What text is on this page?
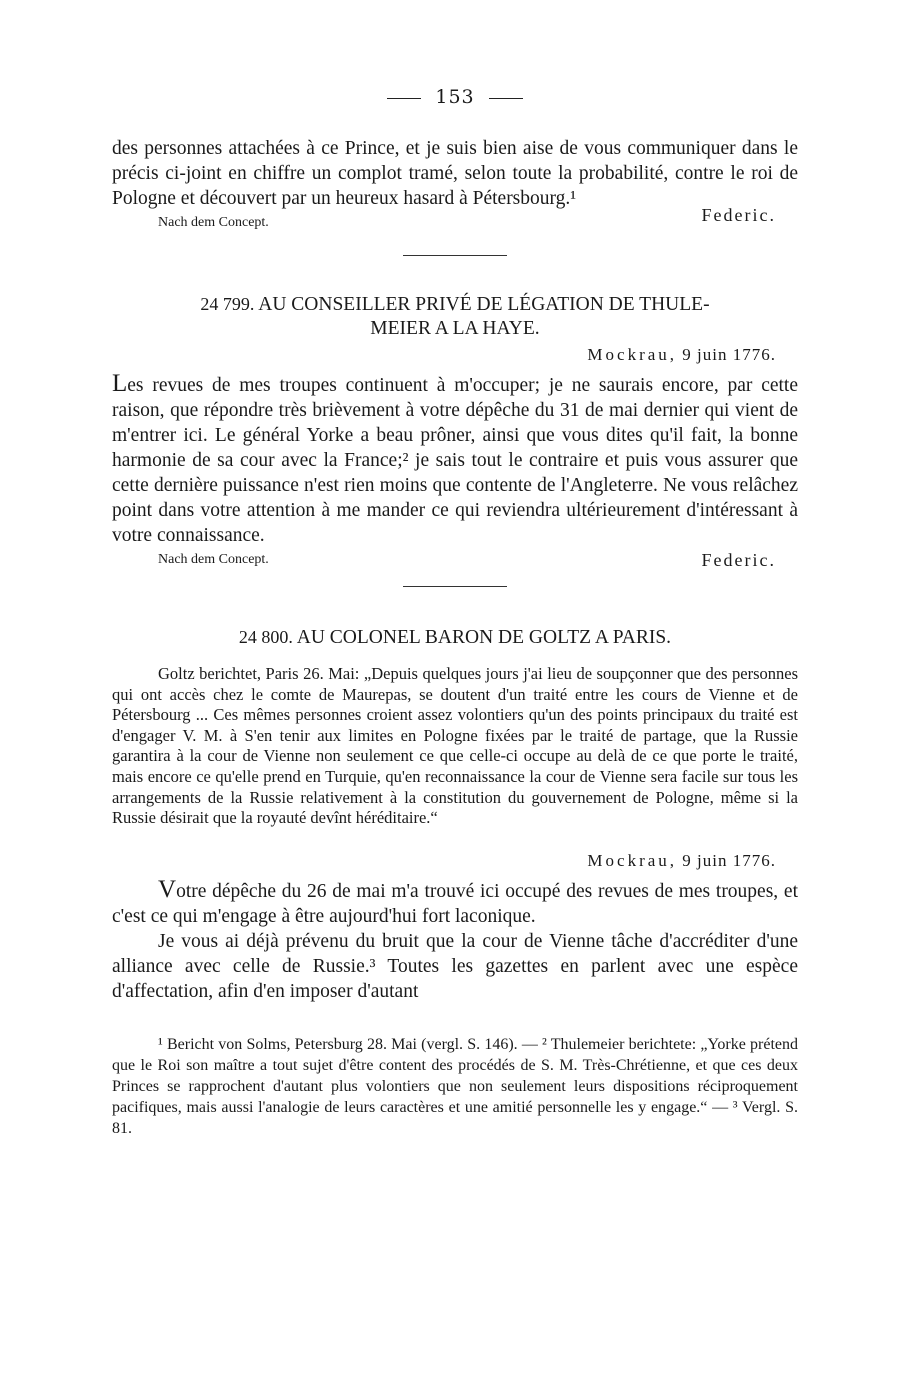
153

des personnes attachées à ce Prince, et je suis bien aise de vous communiquer dans le précis ci-joint en chiffre un complot tramé, selon toute la probabilité, contre le roi de Pologne et découvert par un heureux hasard à Pétersbourg.¹

Nach dem Concept.	Federic.
24 799. AU CONSEILLER PRIVÉ DE LÉGATION DE THULE-
MEIER A LA HAYE.
Mockrau, 9 juin 1776.

Les revues de mes troupes continuent à m'occuper; je ne saurais encore, par cette raison, que répondre très brièvement à votre dépêche du 31 de mai dernier qui vient de m'entrer ici. Le général Yorke a beau prôner, ainsi que vous dites qu'il fait, la bonne harmonie de sa cour avec la France;² je sais tout le contraire et puis vous assurer que cette dernière puissance n'est rien moins que contente de l'Angleterre. Ne vous relâchez point dans votre attention à me mander ce qui reviendra ultérieurement d'intéressant à votre connaissance.

Nach dem Concept.	Federic.
24 800. AU COLONEL BARON DE GOLTZ A PARIS.

Goltz berichtet, Paris 26. Mai: „Depuis quelques jours j'ai lieu de soupçonner que des personnes qui ont accès chez le comte de Maurepas, se doutent d'un traité entre les cours de Vienne et de Pétersbourg ... Ces mêmes personnes croient assez volontiers qu'un des points principaux du traité est d'engager V. M. à S'en tenir aux limites en Pologne fixées par le traité de partage, que la Russie garantira à la cour de Vienne non seulement ce que celle-ci occupe au delà de ce que porte le traité, mais encore ce qu'elle prend en Turquie, qu'en reconnaissance la cour de Vienne sera facile sur tous les arrangements de la Russie relativement à la constitution du gouvernement de Pologne, même si la Russie désirait que la royauté devînt héréditaire.“

Mockrau, 9 juin 1776.

Votre dépêche du 26 de mai m'a trouvé ici occupé des revues de mes troupes, et c'est ce qui m'engage à être aujourd'hui fort laconique.

Je vous ai déjà prévenu du bruit que la cour de Vienne tâche d'accréditer d'une alliance avec celle de Russie.³ Toutes les gazettes en parlent avec une espèce d'affectation, afin d'en imposer d'autant

¹ Bericht von Solms, Petersburg 28. Mai (vergl. S. 146). — ² Thulemeier berichtete: „Yorke prétend que le Roi son maître a tout sujet d'être content des procédés de S. M. Très-Chrétienne, et que ces deux Princes se rapprochent d'autant plus volontiers que non seulement leurs dispositions réciproquement pacifiques, mais aussi l'analogie de leurs caractères et une amitié personnelle les y engage.“ — ³ Vergl. S. 81.
